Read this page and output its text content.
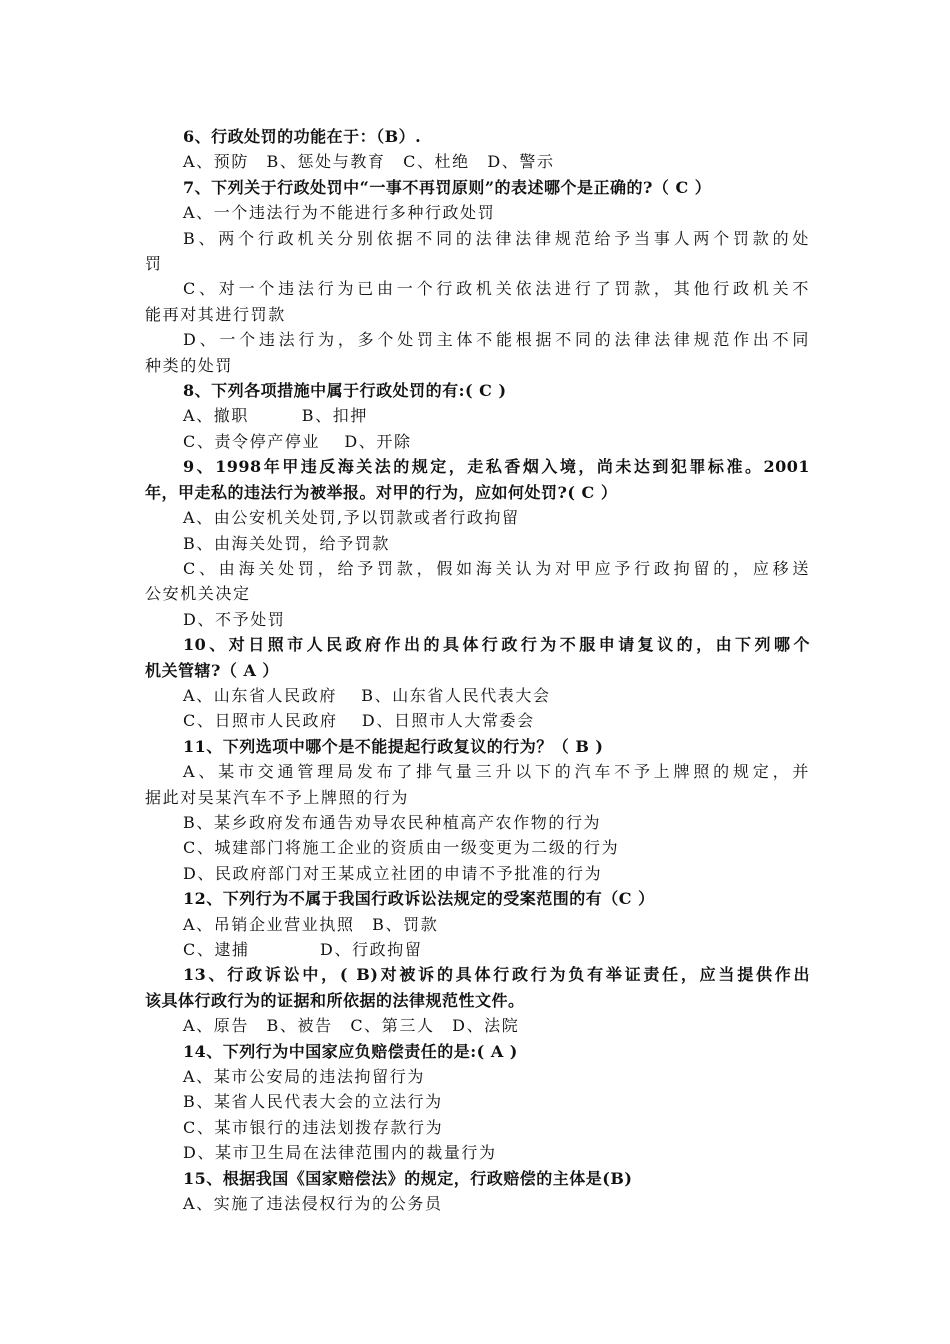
6、行政处罚的功能在于：（B）.
A、预防　B、惩处与教育　C、杜绝　D、警示
7、下列关于行政处罚中“一事不再罚原则”的表述哪个是正确的?（ C ）
A、一个违法行为不能进行多种行政处罚
B、两个行政机关分别依据不同的法律法律规范给予当事人两个罚款的处
罚
C、对一个违法行为已由一个行政机关依法进行了罚款，其他行政机关不
能再对其进行罚款
D、一个违法行为，多个处罚主体不能根据不同的法律法律规范作出不同
种类的处罚
8、下列各项措施中属于行政处罚的有:( C )
A、撤职　　　B、扣押
C、责令停产停业　 D、开除
9、1998年甲违反海关法的规定，走私香烟入境，尚未达到犯罪标准。2001
年，甲走私的违法行为被举报。对甲的行为，应如何处罚?( C ）
A、由公安机关处罚,予以罚款或者行政拘留
B、由海关处罚，给予罚款
C、由海关处罚，给予罚款，假如海关认为对甲应予行政拘留的，应移送
公安机关决定
D、不予处罚
10、对日照市人民政府作出的具体行政行为不服申请复议的，由下列哪个
机关管辖?（ A ）
A、山东省人民政府　 B、山东省人民代表大会
C、日照市人民政府　 D、日照市人大常委会
11、下列选项中哪个是不能提起行政复议的行为？（ B )
A、某市交通管理局发布了排气量三升以下的汽车不予上牌照的规定，并
据此对吴某汽车不予上牌照的行为
B、某乡政府发布通告劝导农民种植高产农作物的行为
C、城建部门将施工企业的资质由一级变更为二级的行为
D、民政府部门对王某成立社团的申请不予批准的行为
12、下列行为不属于我国行政诉讼法规定的受案范围的有（C ）
A、吊销企业营业执照　B、罚款
C、逮捕　　　　D、行政拘留
13、行政诉讼中，( B)对被诉的具体行政行为负有举证责任，应当提供作出
该具体行政行为的证据和所依据的法律规范性文件。
A、原告　B、被告　C、第三人　D、法院
14、下列行为中国家应负赔偿责任的是:( A )
A、某市公安局的违法拘留行为
B、某省人民代表大会的立法行为
C、某市银行的违法划拨存款行为
D、某市卫生局在法律范围内的裁量行为
15、根据我国《国家赔偿法》的规定，行政赔偿的主体是(B)
A、实施了违法侵权行为的公务员
